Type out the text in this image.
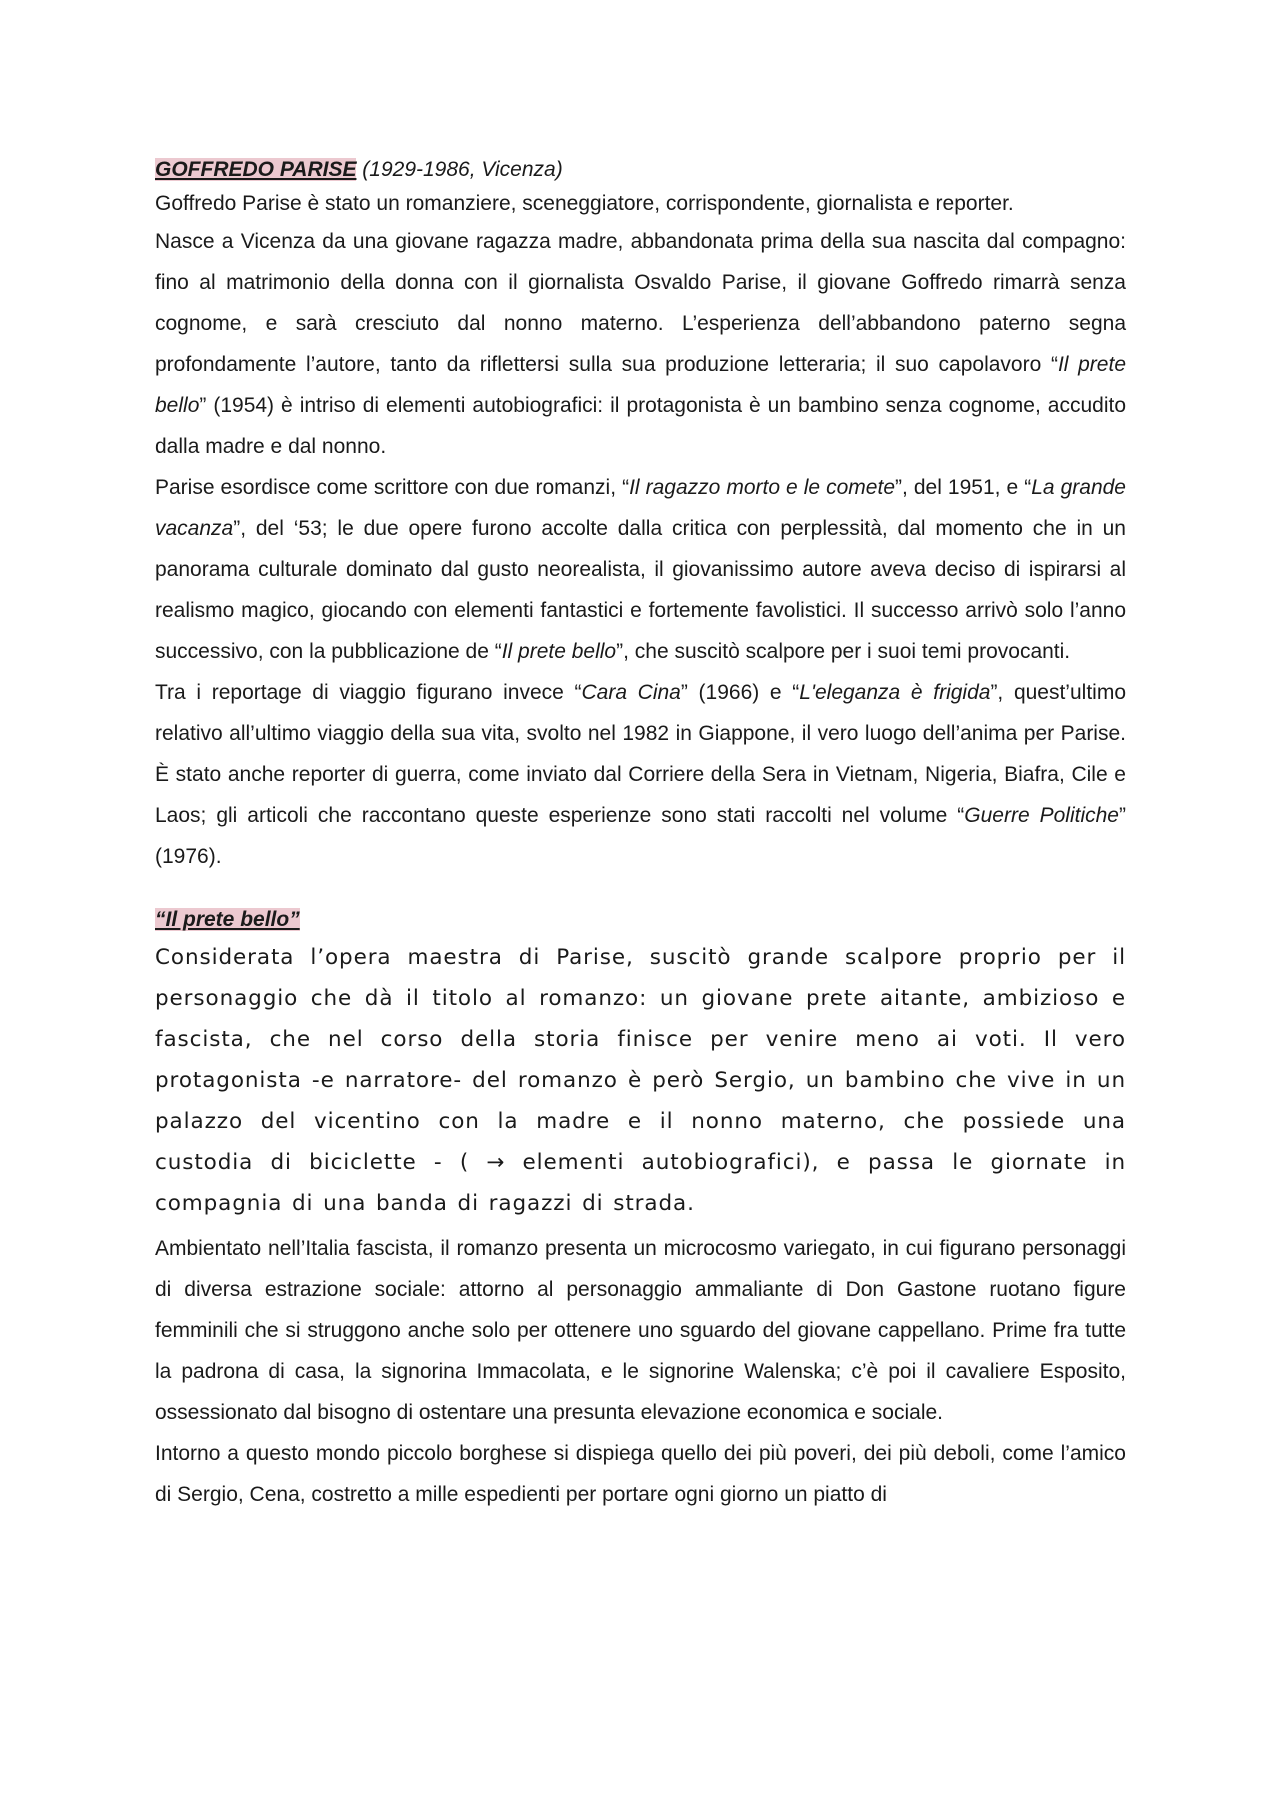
GOFFREDO PARISE (1929-1986, Vicenza)

Goffredo Parise è stato un romanziere, sceneggiatore, corrispondente, giornalista e reporter.

Nasce a Vicenza da una giovane ragazza madre, abbandonata prima della sua nascita dal compagno: fino al matrimonio della donna con il giornalista Osvaldo Parise, il giovane Goffredo rimarrà senza cognome, e sarà cresciuto dal nonno materno. L’esperienza dell’abbandono paterno segna profondamente l’autore, tanto da riflettersi sulla sua produzione letteraria; il suo capolavoro “Il prete bello” (1954) è intriso di elementi autobiografici: il protagonista è un bambino senza cognome, accudito dalla madre e dal nonno.

Parise esordisce come scrittore con due romanzi, “Il ragazzo morto e le comete”, del 1951, e “La grande vacanza”, del ‘53; le due opere furono accolte dalla critica con perplessità, dal momento che in un panorama culturale dominato dal gusto neorealista, il giovanissimo autore aveva deciso di ispirarsi al realismo magico, giocando con elementi fantastici e fortemente favolistici. Il successo arrivò solo l’anno successivo, con la pubblicazione de “Il prete bello”, che suscitò scalpore per i suoi temi provocanti.

Tra i reportage di viaggio figurano invece “Cara Cina” (1966) e “L'eleganza è frigida”, quest’ultimo relativo all’ultimo viaggio della sua vita, svolto nel 1982 in Giappone, il vero luogo dell’anima per Parise. È stato anche reporter di guerra, come inviato dal Corriere della Sera in Vietnam, Nigeria, Biafra, Cile e Laos; gli articoli che raccontano queste esperienze sono stati raccolti nel volume “Guerre Politiche” (1976).

“Il prete bello”

Considerata l’opera maestra di Parise, suscitò grande scalpore proprio per il personaggio che dà il titolo al romanzo: un giovane prete aitante, ambizioso e fascista, che nel corso della storia finisce per venire meno ai voti. Il vero protagonista -e narratore- del romanzo è però Sergio, un bambino che vive in un palazzo del vicentino con la madre e il nonno materno, che possiede una custodia di biciclette - ( → elementi autobiografici), e passa le giornate in compagnia di una banda di ragazzi di strada.

Ambientato nell’Italia fascista, il romanzo presenta un microcosmo variegato, in cui figurano personaggi di diversa estrazione sociale: attorno al personaggio ammaliante di Don Gastone ruotano figure femminili che si struggono anche solo per ottenere uno sguardo del giovane cappellano. Prime fra tutte la padrona di casa, la signorina Immacolata, e le signorine Walenska; c’è poi il cavaliere Esposito, ossessionato dal bisogno di ostentare una presunta elevazione economica e sociale.

Intorno a questo mondo piccolo borghese si dispiega quello dei più poveri, dei più deboli, come l’amico di Sergio, Cena, costretto a mille espedienti per portare ogni giorno un piatto di
